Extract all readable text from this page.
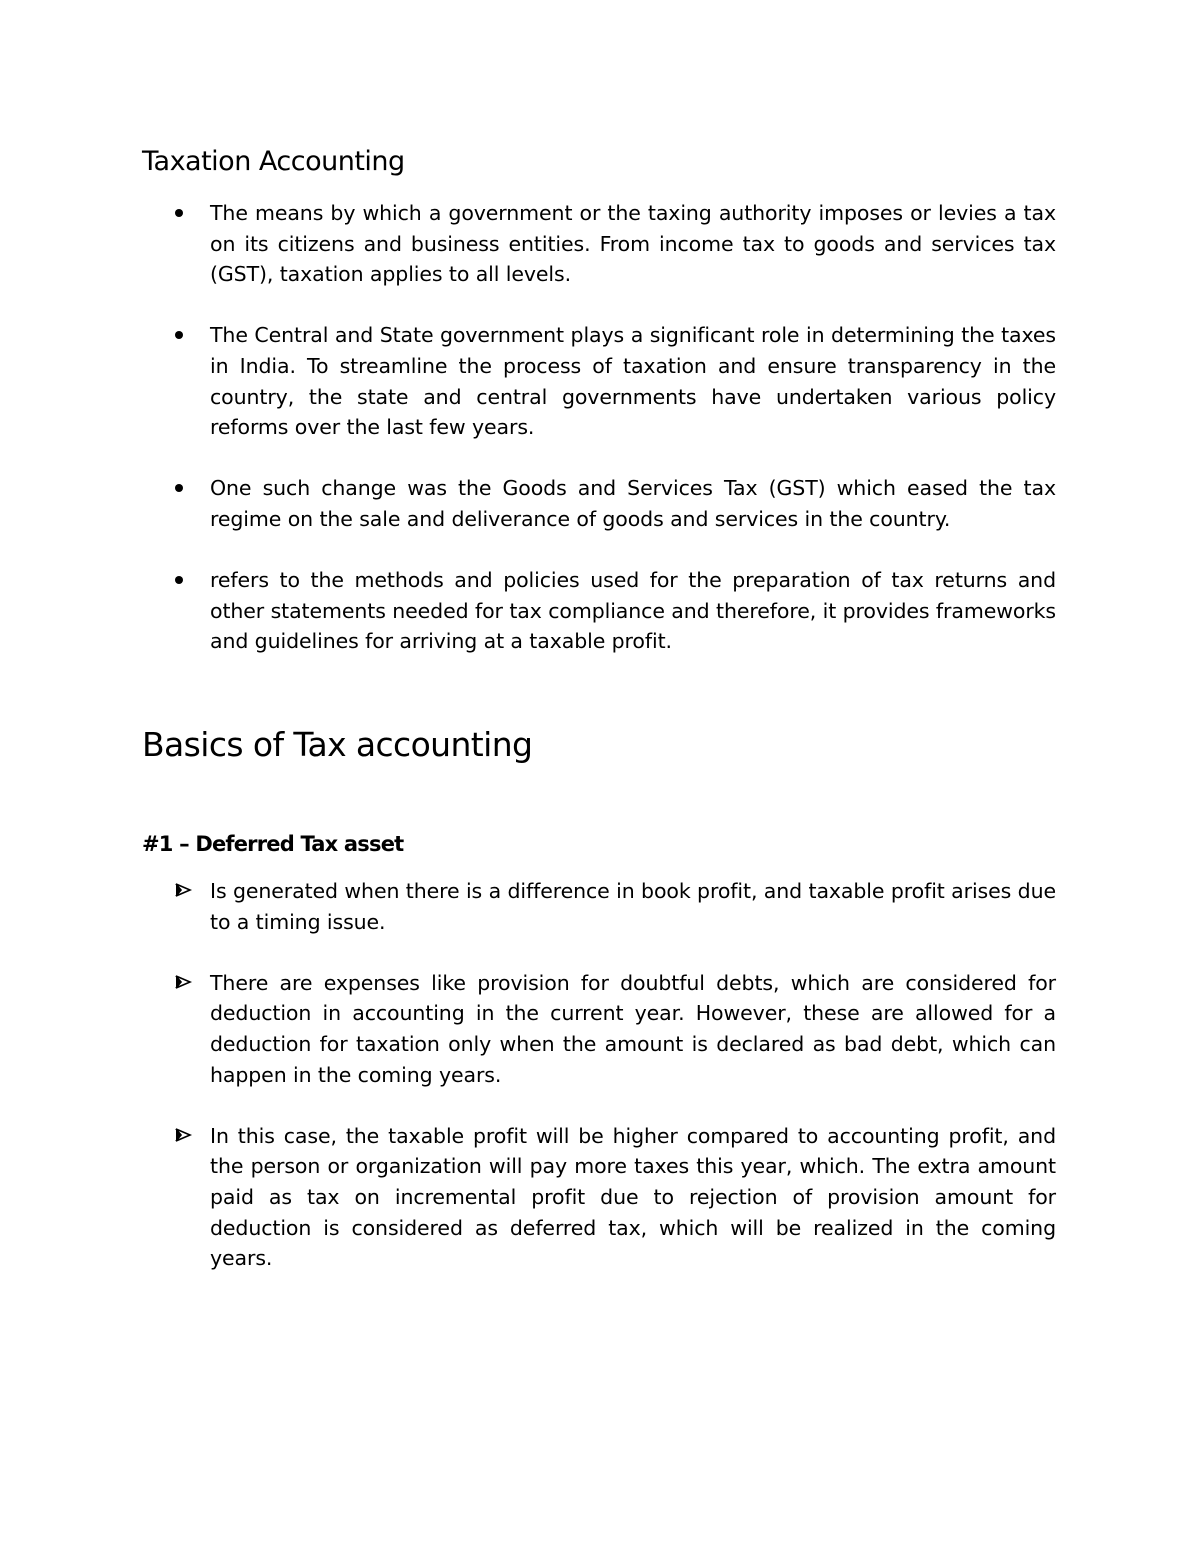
Taxation Accounting
The means by which a government or the taxing authority imposes or levies a tax on its citizens and business entities. From income tax to goods and services tax (GST), taxation applies to all levels.
The Central and State government plays a significant role in determining the taxes in India. To streamline the process of taxation and ensure transparency in the country, the state and central governments have undertaken various policy reforms over the last few years.
One such change was the Goods and Services Tax (GST) which eased the tax regime on the sale and deliverance of goods and services in the country.
refers to the methods and policies used for the preparation of tax returns and other statements needed for tax compliance and therefore, it provides frameworks and guidelines for arriving at a taxable profit.
Basics of Tax accounting
#1 – Deferred Tax asset
Is generated when there is a difference in book profit, and taxable profit arises due to a timing issue.
There are expenses like provision for doubtful debts, which are considered for deduction in accounting in the current year. However, these are allowed for a deduction for taxation only when the amount is declared as bad debt, which can happen in the coming years.
In this case, the taxable profit will be higher compared to accounting profit, and the person or organization will pay more taxes this year, which. The extra amount paid as tax on incremental profit due to rejection of provision amount for deduction is considered as deferred tax, which will be realized in the coming years.
